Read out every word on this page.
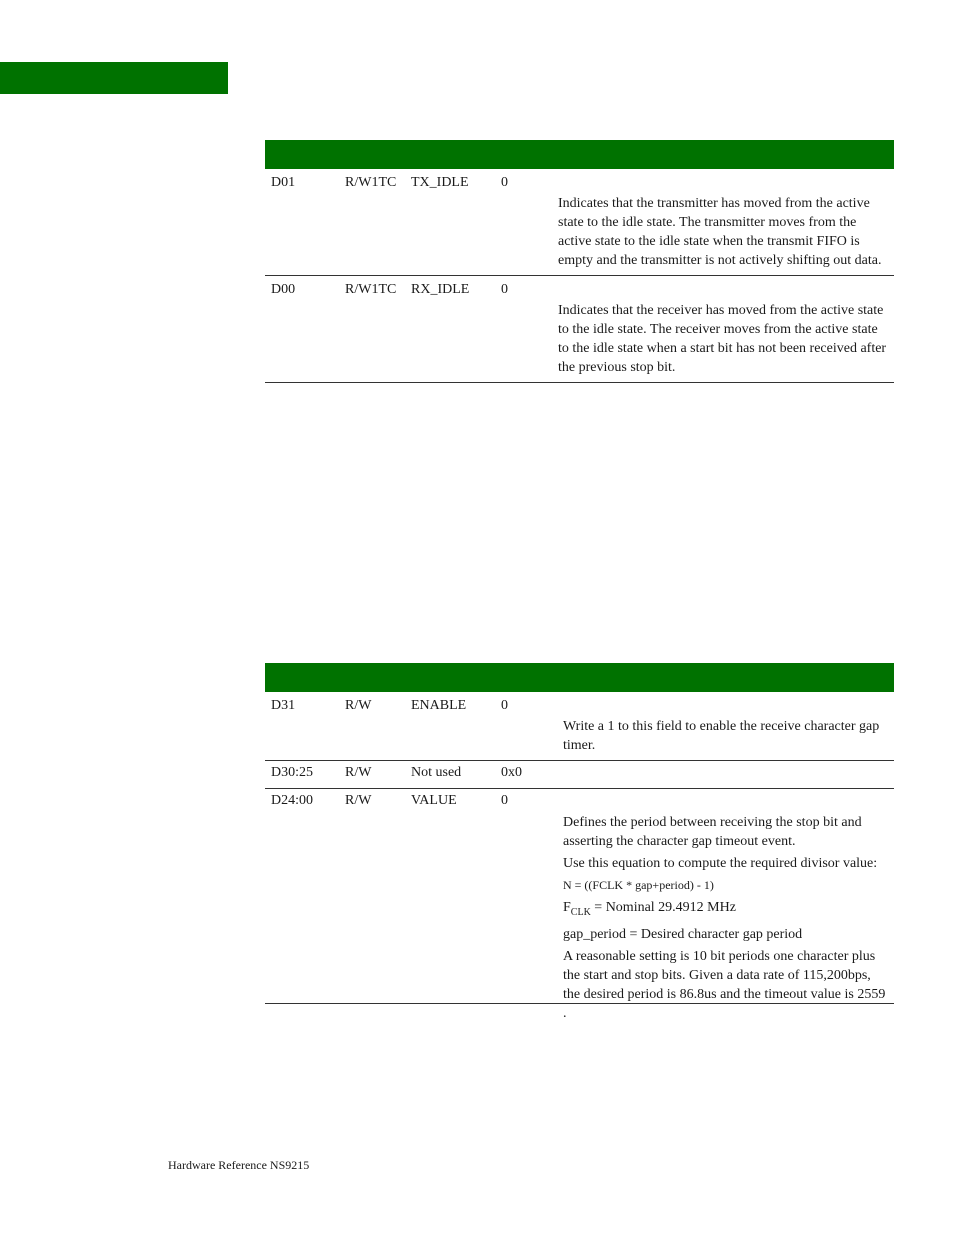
D01	R/W1TC TX_IDLE 0
Indicates that the transmitter has moved from the active state to the idle state. The transmitter moves from the active state to the idle state when the transmit FIFO is empty and the transmitter is not actively shifting out data.
D00	R/W1TC RX_IDLE 0
Indicates that the receiver has moved from the active state to the idle state. The receiver moves from the active state to the idle state when a start bit has not been received after the previous stop bit.
D31	R/W	ENABLE 0
Write a 1 to this field to enable the receive character gap timer.
D30:25 R/W	Not used	0x0
D24:00 R/W	VALUE	0

Defines the period between receiving the stop bit and asserting the character gap timeout event.

Use this equation to compute the required divisor value:

N = ((FCLK * gap+period) - 1)

$F_{CLK}$ = Nominal 29.4912 MHz

gap_period = Desired character gap period

A reasonable setting is 10 bit periods one character plus the start and stop bits. Given a data rate of 115,200bps, the desired period is 86.8us and the timeout value is 2559 .

Hardware Reference NS9215
